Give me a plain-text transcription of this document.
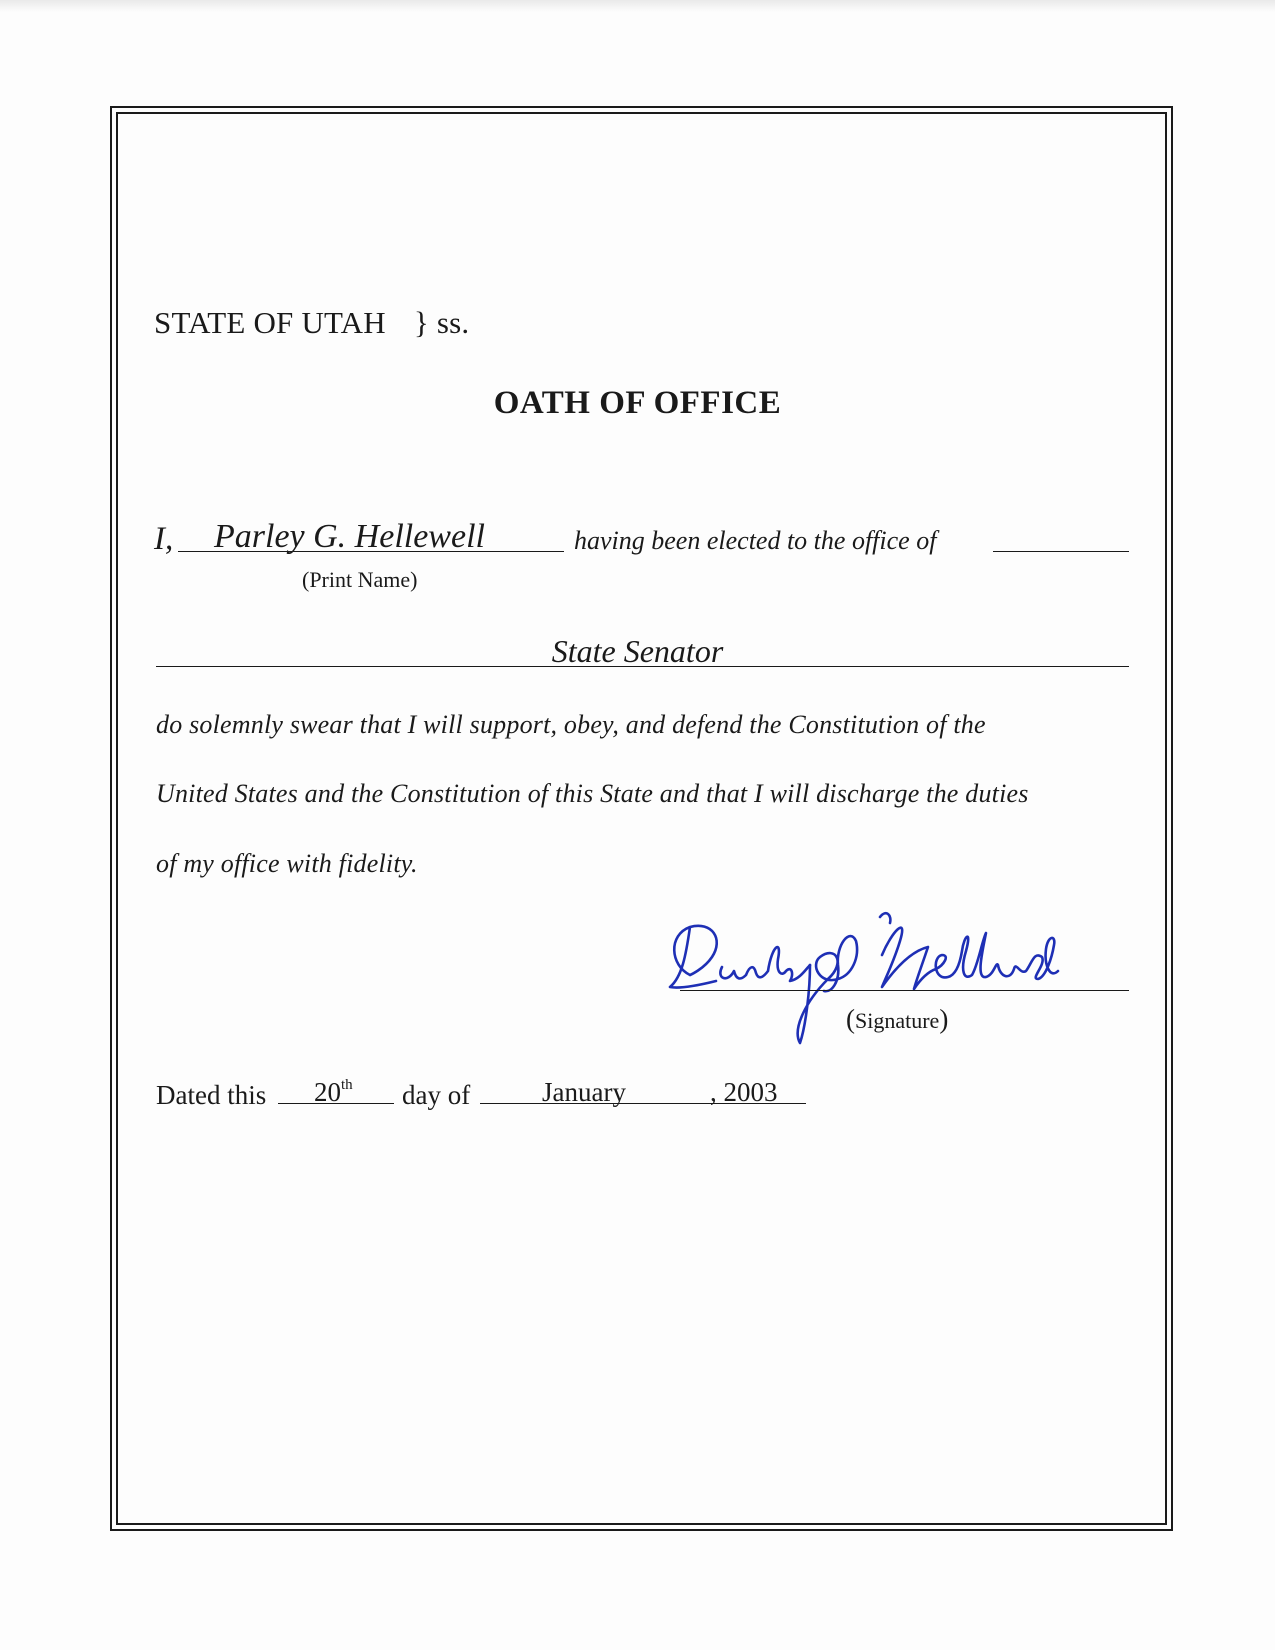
STATE OF UTAH } ss.
OATH OF OFFICE
I, Parley G. Hellewell	having been elected to the office of
(Print Name)
State Senator
do solemnly swear that I will support, obey, and defend the Constitution of the
United States and the Constitution of this State and that I will discharge the duties
of my office with fidelity.
(Signature)
Dated this 20th day of	January	, 2003
